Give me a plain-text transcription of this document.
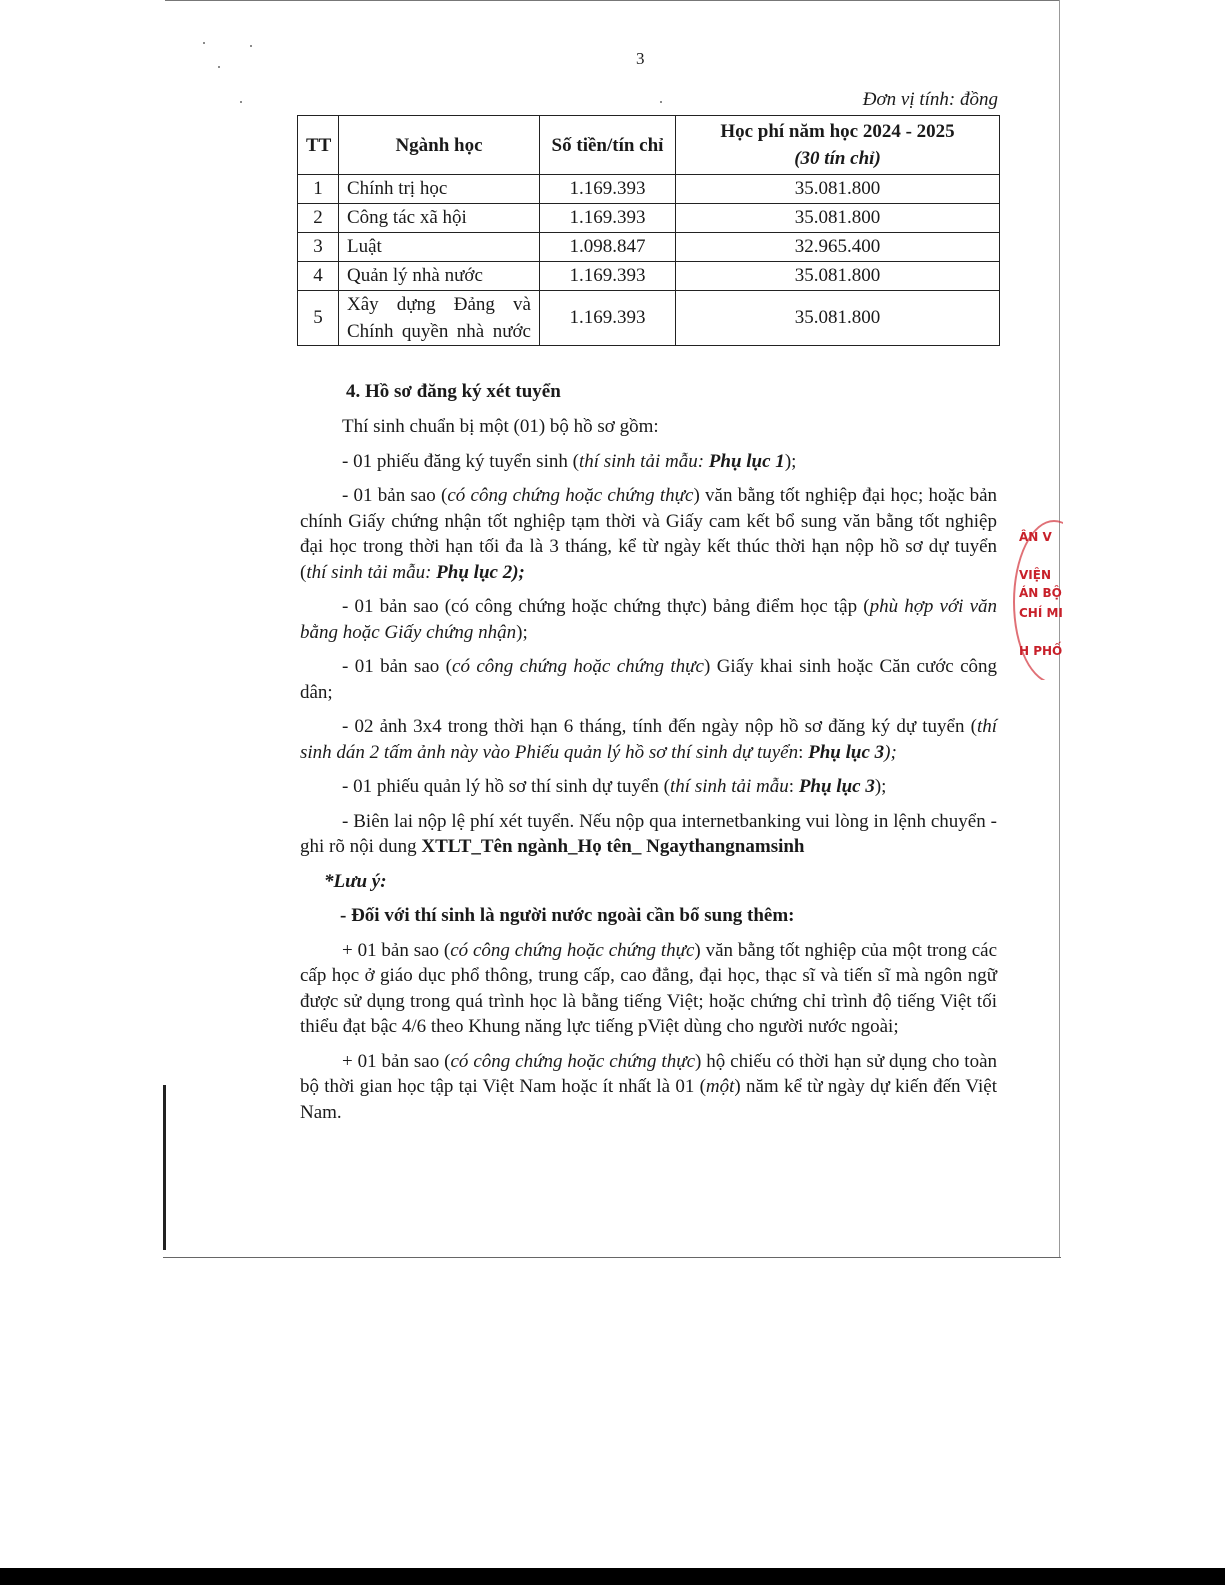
3
Đơn vị tính: đồng
TT	Ngành học	Số tiền/tín chỉ	Học phí năm học 2024 - 2025
(30 tín chỉ)
1	Chính trị học	1.169.393	35.081.800
2	Công tác xã hội	1.169.393	35.081.800
3	Luật	1.098.847	32.965.400
4	Quản lý nhà nước	1.169.393	35.081.800
5	Xây dựng Đảng và Chính quyền nhà nước	1.169.393	35.081.800
4. Hồ sơ đăng ký xét tuyển

Thí sinh chuẩn bị một (01) bộ hồ sơ gồm:

- 01 phiếu đăng ký tuyển sinh (thí sinh tải mẫu: Phụ lục 1);

- 01 bản sao (có công chứng hoặc chứng thực) văn bằng tốt nghiệp đại học; hoặc bản chính Giấy chứng nhận tốt nghiệp tạm thời và Giấy cam kết bổ sung văn bằng tốt nghiệp đại học trong thời hạn tối đa là 3 tháng, kể từ ngày kết thúc thời hạn nộp hồ sơ dự tuyển (thí sinh tải mẫu: Phụ lục 2);

- 01 bản sao (có công chứng hoặc chứng thực) bảng điểm học tập (phù hợp với văn bằng hoặc Giấy chứng nhận);

- 01 bản sao (có công chứng hoặc chứng thực) Giấy khai sinh hoặc Căn cước công dân;

- 02 ảnh 3x4 trong thời hạn 6 tháng, tính đến ngày nộp hồ sơ đăng ký dự tuyển (thí sinh dán 2 tấm ảnh này vào Phiếu quản lý hồ sơ thí sinh dự tuyển: Phụ lục 3);

- 01 phiếu quản lý hồ sơ thí sinh dự tuyển (thí sinh tải mẫu: Phụ lục 3);

- Biên lai nộp lệ phí xét tuyển. Nếu nộp qua internetbanking vui lòng in lệnh chuyển - ghi rõ nội dung XTLT_Tên ngành_Họ tên_ Ngaythangnamsinh

*Lưu ý:

- Đối với thí sinh là người nước ngoài cần bổ sung thêm:

+ 01 bản sao (có công chứng hoặc chứng thực) văn bằng tốt nghiệp của một trong các cấp học ở giáo dục phổ thông, trung cấp, cao đẳng, đại học, thạc sĩ và tiến sĩ mà ngôn ngữ được sử dụng trong quá trình học là bằng tiếng Việt; hoặc chứng chỉ trình độ tiếng Việt tối thiểu đạt bậc 4/6 theo Khung năng lực tiếng pViệt dùng cho người nước ngoài;

+ 01 bản sao (có công chứng hoặc chứng thực) hộ chiếu có thời hạn sử dụng cho toàn bộ thời gian học tập tại Việt Nam hoặc ít nhất là 01 (một) năm kể từ ngày dự kiến đến Việt Nam.

ÂN V
VIỆN
ÁN BỘ
CHÍ MI
H PHỐ
